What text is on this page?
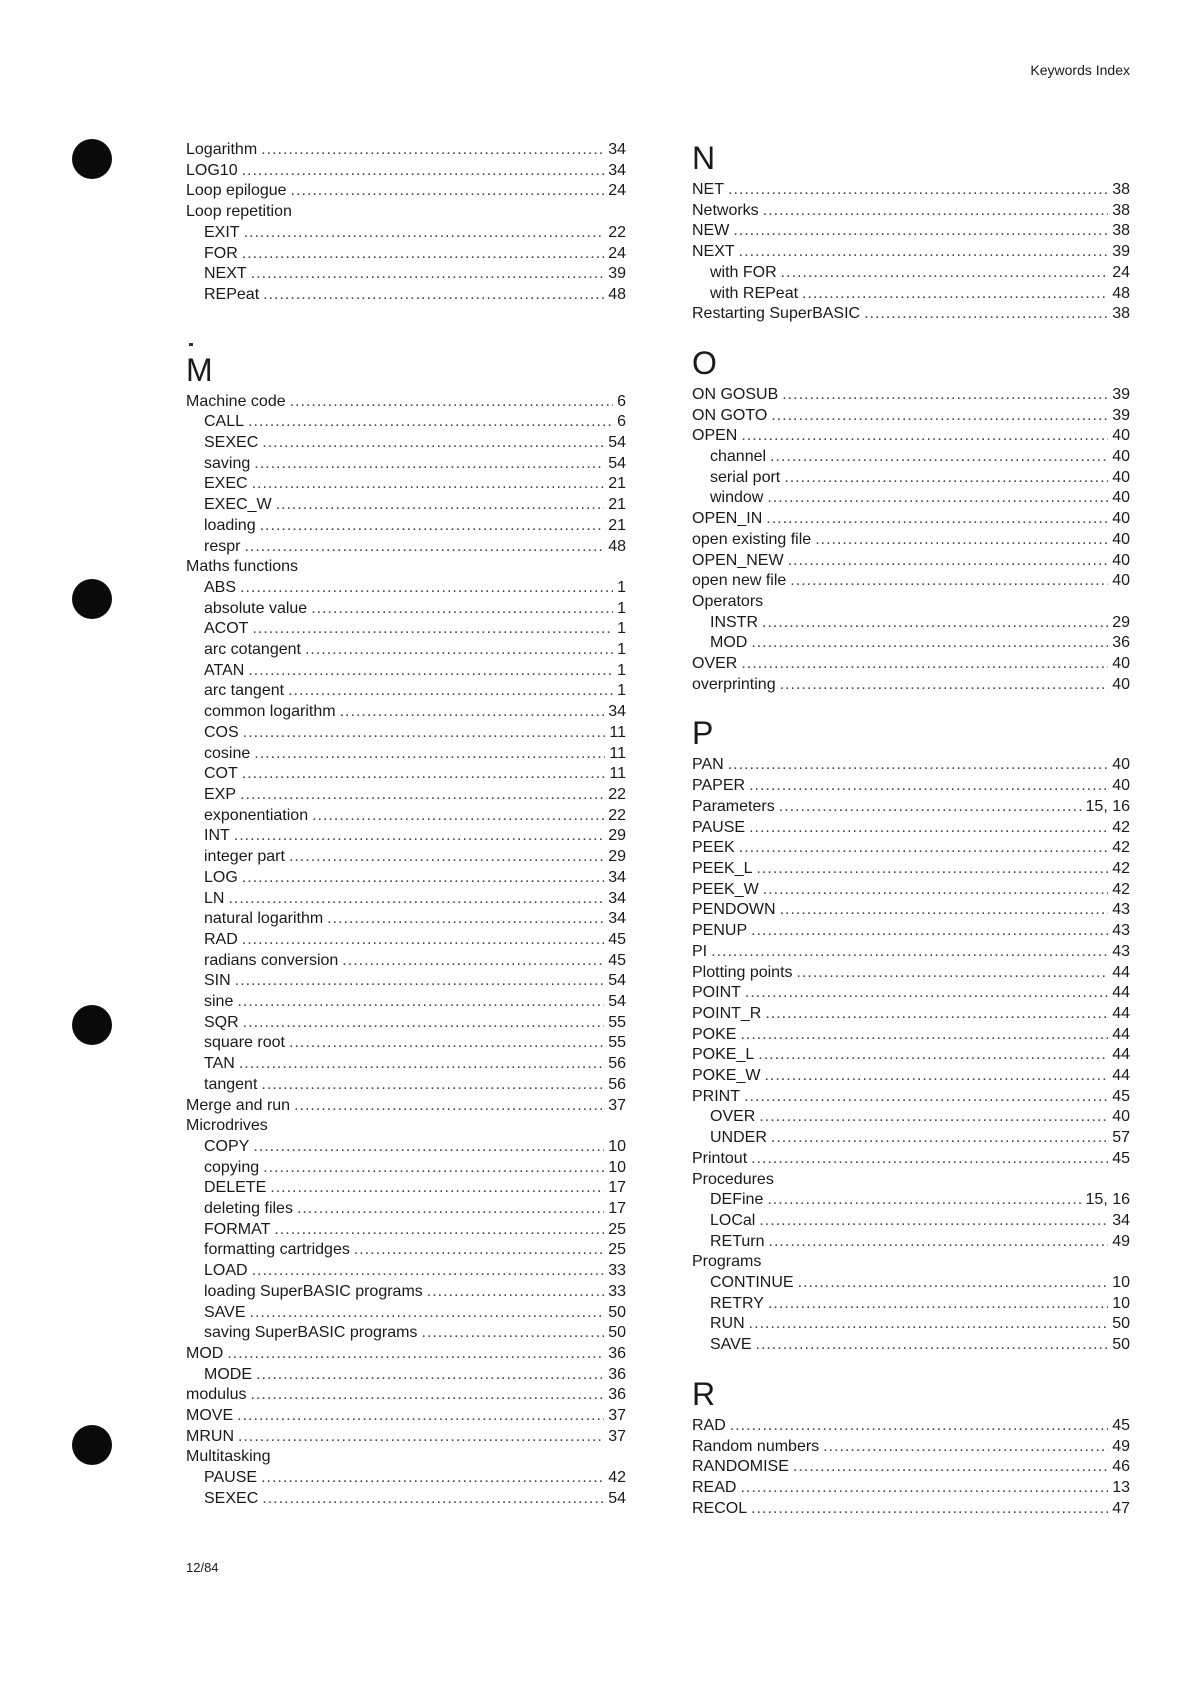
Keywords Index
Logarithm .....	34
LOG10 .....	34
Loop epilogue .....	24
Loop repetition
EXIT .....	22
FOR .....	24
NEXT .....	39
REPeat .....	48
M
Machine code .....	6
CALL .....	6
SEXEC .....	54
saving .....	54
EXEC .....	21
EXEC_W .....	21
loading .....	21
respr .....	48
Maths functions
ABS .....	1
absolute value .....	1
ACOT .....	1
arc cotangent .....	1
ATAN .....	1
arc tangent .....	1
common logarithm .....	34
COS .....	11
cosine .....	11
COT .....	11
EXP .....	22
exponentiation .....	22
INT .....	29
integer part .....	29
LOG .....	34
LN .....	34
natural logarithm .....	34
RAD .....	45
radians conversion .....	45
SIN .....	54
sine .....	54
SQR .....	55
square root .....	55
TAN .....	56
tangent .....	56
Merge and run .....	37
Microdrives
COPY .....	10
copying .....	10
DELETE .....	17
deleting files .....	17
FORMAT .....	25
formatting cartridges .....	25
LOAD .....	33
loading SuperBASIC programs .....	33
SAVE .....	50
saving SuperBASIC programs .....	50
MOD .....	36
MODE .....	36
modulus .....	36
MOVE .....	37
MRUN .....	37
Multitasking
PAUSE .....	42
SEXEC .....	54
N
NET .....	38
Networks .....	38
NEW .....	38
NEXT .....	39
with FOR .....	24
with REPeat .....	48
Restarting SuperBASIC .....	38
O
ON GOSUB .....	39
ON GOTO .....	39
OPEN .....	40
channel .....	40
serial port .....	40
window .....	40
OPEN_IN .....	40
open existing file .....	40
OPEN_NEW .....	40
open new file .....	40
Operators
INSTR .....	29
MOD .....	36
OVER .....	40
overprinting .....	40
P
PAN .....	40
PAPER .....	40
Parameters .....	15, 16
PAUSE .....	42
PEEK .....	42
PEEK_L .....	42
PEEK_W .....	42
PENDOWN .....	43
PENUP .....	43
PI .....	43
Plotting points .....	44
POINT .....	44
POINT_R .....	44
POKE .....	44
POKE_L .....	44
POKE_W .....	44
PRINT .....	45
OVER .....	40
UNDER .....	57
Printout .....	45
Procedures
DEFine .....	15, 16
LOCal .....	34
RETurn .....	49
Programs
CONTINUE .....	10
RETRY .....	10
RUN .....	50
SAVE .....	50
R
RAD .....	45
Random numbers .....	49
RANDOMISE .....	46
READ .....	13
RECOL .....	47
12/84
